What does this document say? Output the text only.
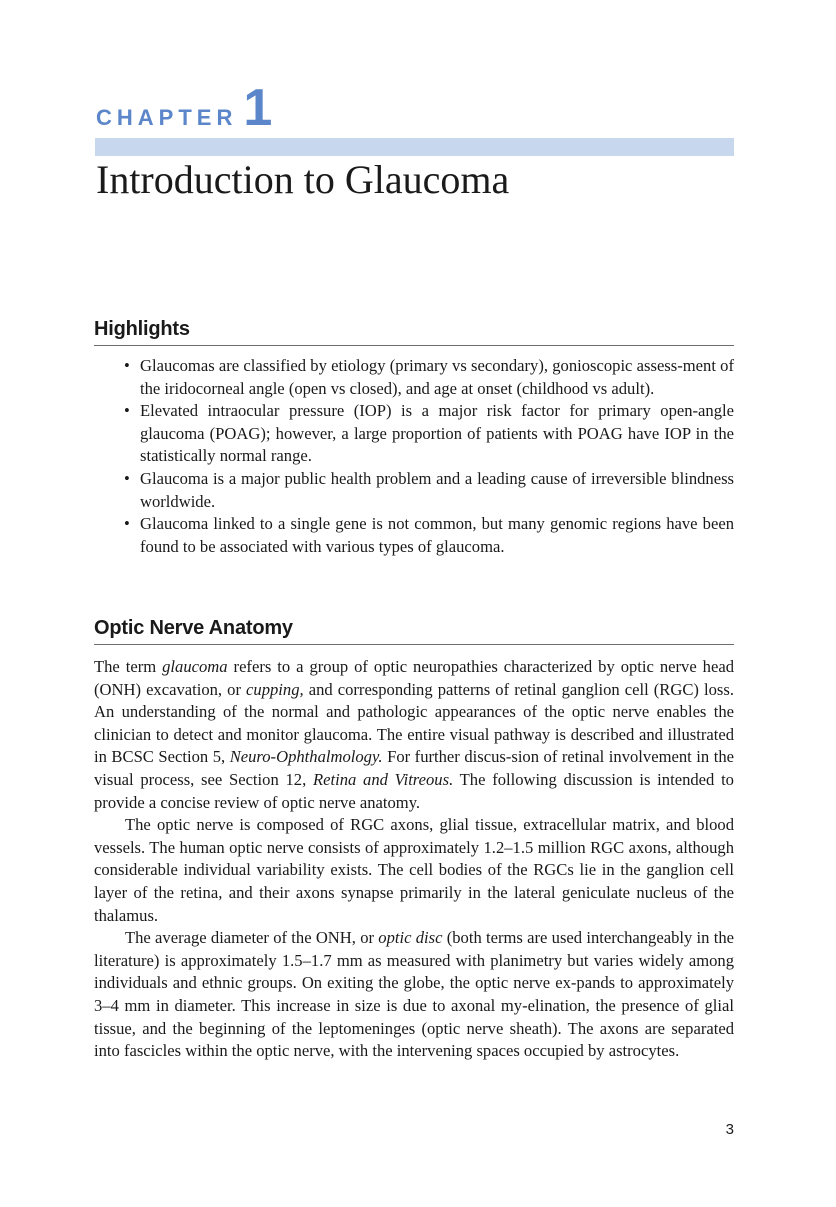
CHAPTER 1
Introduction to Glaucoma
Highlights
• Glaucomas are classified by etiology (primary vs secondary), gonioscopic assess-ment of the iridocorneal angle (open vs closed), and age at onset (childhood vs adult).
• Elevated intraocular pressure (IOP) is a major risk factor for primary open-angle glaucoma (POAG); however, a large proportion of patients with POAG have IOP in the statistically normal range.
• Glaucoma is a major public health problem and a leading cause of irreversible blindness worldwide.
• Glaucoma linked to a single gene is not common, but many genomic regions have been found to be associated with various types of glaucoma.
Optic Nerve Anatomy

The term glaucoma refers to a group of optic neuropathies characterized by optic nerve head (ONH) excavation, or cupping, and corresponding patterns of retinal ganglion cell (RGC) loss. An understanding of the normal and pathologic appearances of the optic nerve enables the clinician to detect and monitor glaucoma. The entire visual pathway is described and illustrated in BCSC Section 5, Neuro-Ophthalmology. For further discus-sion of retinal involvement in the visual process, see Section 12, Retina and Vitreous. The following discussion is intended to provide a concise review of optic nerve anatomy.

The optic nerve is composed of RGC axons, glial tissue, extracellular matrix, and blood vessels. The human optic nerve consists of approximately 1.2–1.5 million RGC axons, although considerable individual variability exists. The cell bodies of the RGCs lie in the ganglion cell layer of the retina, and their axons synapse primarily in the lateral geniculate nucleus of the thalamus.

The average diameter of the ONH, or optic disc (both terms are used interchangeably in the literature) is approximately 1.5–1.7 mm as measured with planimetry but varies widely among individuals and ethnic groups. On exiting the globe, the optic nerve ex-pands to approximately 3–4 mm in diameter. This increase in size is due to axonal my-elination, the presence of glial tissue, and the beginning of the leptomeninges (optic nerve sheath). The axons are separated into fascicles within the optic nerve, with the intervening spaces occupied by astrocytes.

3
